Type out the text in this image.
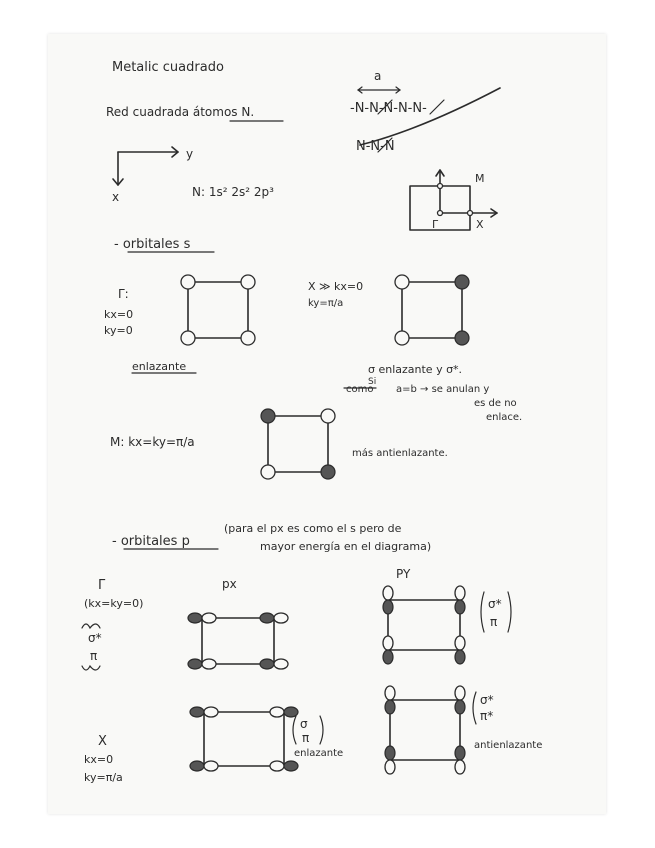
Metalic cuadrado
Red cuadrada átomos N.	-N-N-N-N-N-
N-N-N
a
y
x	N: 1s² 2s² 2p³
M
Γ	X
- orbitales s
Γ:
kx=0
ky=0
enlazante
X ≫ kx=0
ky=π/a
σ enlazante y σ*.
como
Si
a=b → se anulan y
es de no
enlace.
M: kx=ky=π/a
más antienlazante.
- orbitales p
(para el px es como el s pero de
mayor energía en el diagrama)
Γ
(kx=ky=0)
σ*
π
px
PY
σ*
π
X
kx=0
ky=π/a
σ
π
enlazante
σ*
π*
antienlazante
